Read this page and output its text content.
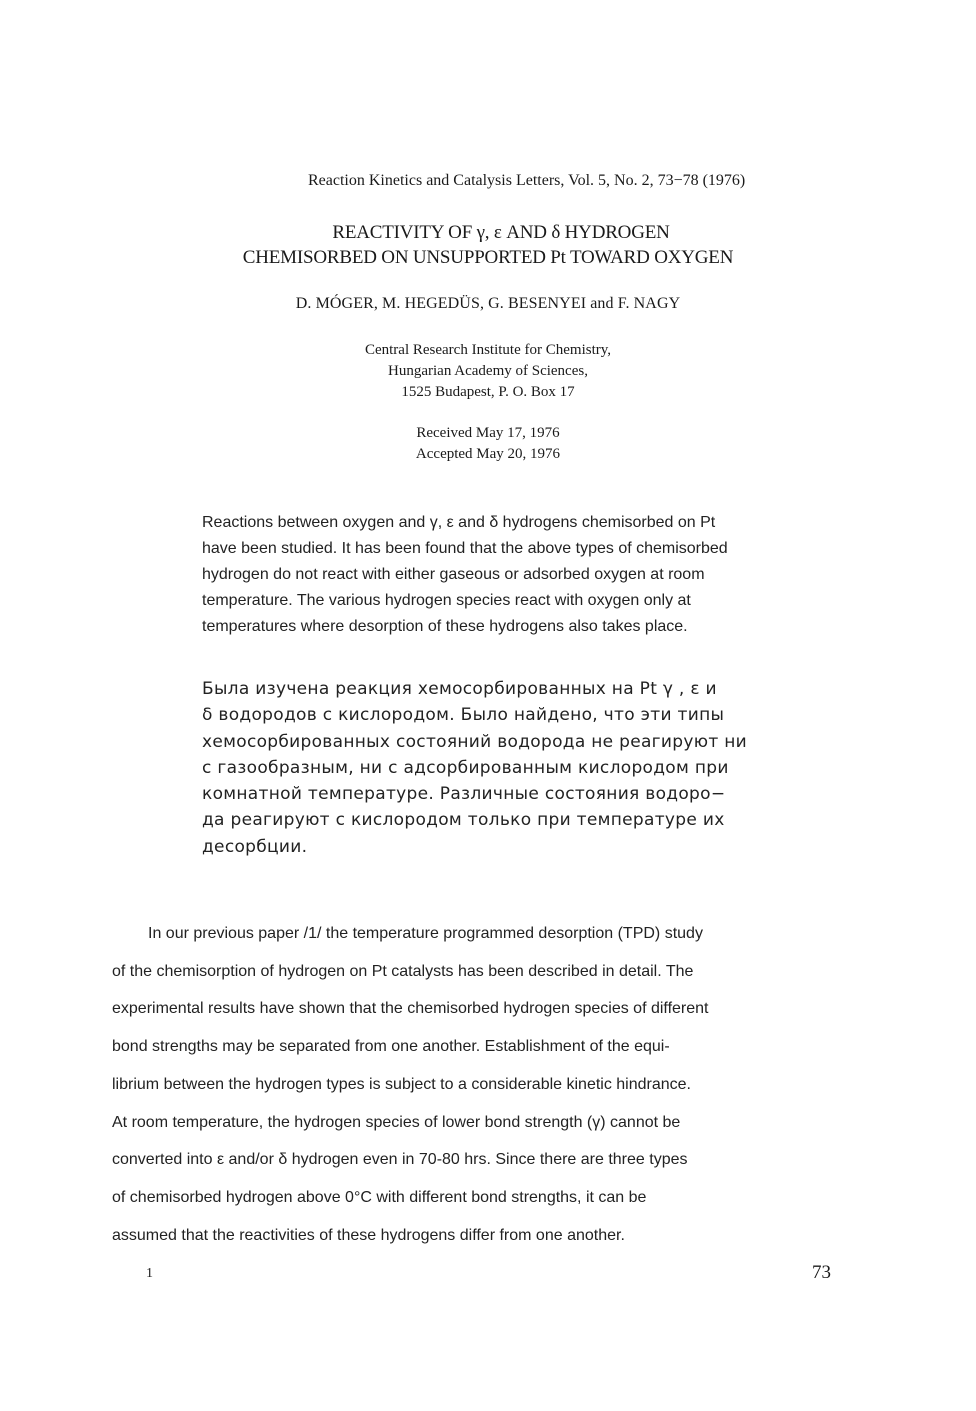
Reaction Kinetics and Catalysis Letters, Vol. 5, No. 2, 73−78 (1976)
REACTIVITY OF γ, ε AND δ HYDROGEN
CHEMISORBED ON UNSUPPORTED Pt TOWARD OXYGEN
D. MÓGER, M. HEGEDÜS, G. BESENYEI and F. NAGY
Central Research Institute for Chemistry,
Hungarian Academy of Sciences,
1525 Budapest, P. O. Box 17
Received May 17, 1976
Accepted May 20, 1976
Reactions between oxygen and γ, ε and δ hydrogens chemisorbed on Pt
have been studied. It has been found that the above types of chemisorbed
hydrogen do not react with either gaseous or adsorbed oxygen at room
temperature. The various hydrogen species react with oxygen only at
temperatures where desorption of these hydrogens also takes place.
Была изучена реакция хемосорбированных на Pt γ , ε и
δ водородов с кислородом. Было найдено, что эти типы
хемосорбированных состояний водорода не реагируют ни
с газообразным, ни с адсорбированным кислородом при
комнатной температуре. Различные состояния водоро−
да реагируют с кислородом только при температуре их
десорбции.
In our previous paper /1/ the temperature programmed desorption (TPD) study
of the chemisorption of hydrogen on Pt catalysts has been described in detail. The
experimental results have shown that the chemisorbed hydrogen species of different
bond strengths may be separated from one another. Establishment of the equi-
librium between the hydrogen types is subject to a considerable kinetic hindrance.
At room temperature, the hydrogen species of lower bond strength (γ) cannot be
converted into ε and/or δ hydrogen even in 70-80 hrs. Since there are three types
of chemisorbed hydrogen above 0°C with different bond strengths, it can be
assumed that the reactivities of these hydrogens differ from one another.
1	73
